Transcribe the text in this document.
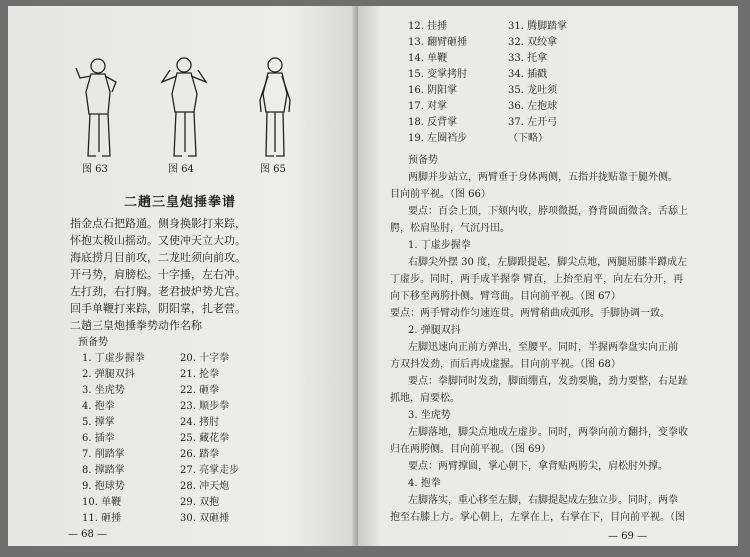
图 63	图 64	图 65
二趟三皇炮捶拳谱
指金点石把路通。侧身换影打来踪，
怀抱太极山摇动。又使冲天立大功。
海底捞月目前攻，二龙吐须向前攻。
开弓势，肩膀松。十字捶，左右冲。
左打劲，右打胸。老君披炉势尤宫。
回手单鞭打来踪，阴阳掌，扎老营。
二趟三皇炮捶拳势动作名称
预备势
1. 丁虚步握拳
2. 弹腿双抖
3. 坐虎势
4. 抱拳
5. 撑掌
6. 插拳
7. 削踏掌
8. 撑踏掌
9. 抱球势
10. 单鞭
11. 砸捶
20. 十字拳
21. 抡拳
22. 砸拳
23. 顺步拳
24. 拷肘
25. 藏花拳
26. 踏拳
27. 亮掌走步
28. 冲天炮
29. 双抱
30. 双砸捶
— 68 —
12. 挂捶
13. 翻臂砸捶
14. 单鞭
15. 变掌拷肘
16. 阴阳掌
17. 对掌
18. 反背掌
19. 左圈裆步
31. 腾脚踏掌
32. 双绞拿
33. 托拿
34. 插戳
35. 龙吐须
36. 左抱球
37. 左开弓
（下略）
预备势
两脚并步站立，两臂垂于身体两侧，五指并拢贴靠于腿外侧。
目向前平视。（图 66）
要点：百会上顶，下颏内收，脖项微挺，脊背圆面微含。舌舔上
腭，松肩坠肘，气沉丹田。
1. 丁虚步握拳
右脚尖外摆 30 度，左脚跟提起，脚尖点地，两腿屈膝半蹲成左
丁虚步。同时，两手成半握拳 臂直，上抬至肩平，向左右分开，再
向下移至两胯扑侧。臂弯曲。目向前平视。（图 67）
要点：两手臂动作匀速连贯。两臂稍曲成弧形。手脚协调一致。
2. 弹腿双抖
左脚迅速向正前方弹出，至腰平。同时，半握两拳盘实向正前
方双抖发劲，而后再成虚握。目向前平视。（图 68）
要点：拳脚同时发劲，脚面绷直，发劲要脆，劲力要整，右足趾
抓地，肩要松。
3. 坐虎势
左脚落地，脚尖点地成左虚步。同时，两拳向前方翻抖，变拳收
归在两胯侧。目向前平视。（图 69）
要点：两臂撑圆，掌心朝下，拿背贴两胯尖，肩松肘外撑。
4. 抱拳
左脚落实，重心移至左脚，右脚提起成左独立步。同时，两拳
抱至右膝上方。掌心朝上，左掌在上，右掌在下，目向前平视。（图
— 69 —
